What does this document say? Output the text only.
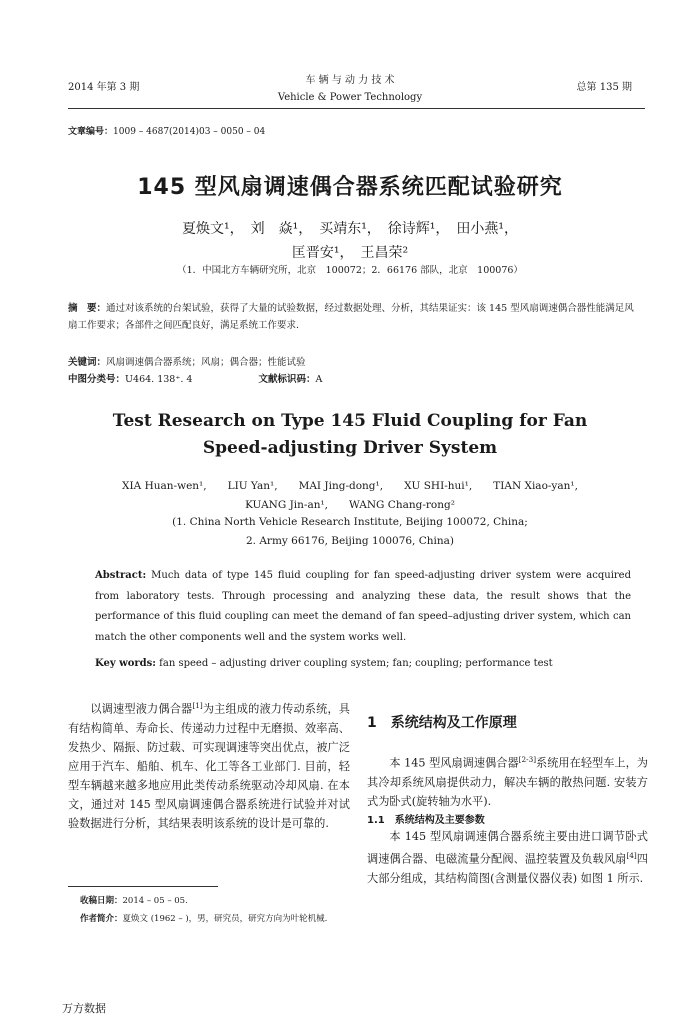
2014 年第 3 期
车 辆 与 动 力 技 术
Vehicle & Power Technology
总第 135 期
文章编号：1009 – 4687(2014)03 – 0050 – 04
145 型风扇调速偶合器系统匹配试验研究
夏焕文¹，　刘　焱¹，　买靖东¹，　徐诗辉¹，　田小燕¹，
匡晋安¹，　王昌荣²
（1．中国北方车辆研究所，北京　100072；2．66176 部队，北京　100076）
摘　要：通过对该系统的台架试验，获得了大量的试验数据，经过数据处理、分析，其结果证实：该 145 型风扇调速偶合器性能满足风扇工作要求；各部件之间匹配良好，满足系统工作要求.
关键词：风扇调速偶合器系统；风扇；偶合器；性能试验
中图分类号：U464. 138⁺. 4	文献标识码：A
Test Research on Type 145 Fluid Coupling for Fan
Speed-adjusting Driver System
XIA Huan-wen¹,　　LIU Yan¹,　　MAI Jing-dong¹,　　XU SHI-hui¹,　　TIAN Xiao-yan¹,
KUANG Jin-an¹,　　WANG Chang-rong²
(1. China North Vehicle Research Institute, Beijing 100072, China;
2. Army 66176, Beijing 100076, China)
Abstract: Much data of type 145 fluid coupling for fan speed-adjusting driver system were acquired from laboratory tests. Through processing and analyzing these data, the result shows that the performance of this fluid coupling can meet the demand of fan speed–adjusting driver system, which can match the other components well and the system works well.
Key words: fan speed – adjusting driver coupling system; fan; coupling; performance test

以调速型液力偶合器[1]为主组成的液力传动系统，具有结构简单、寿命长、传递动力过程中无磨损、效率高、发热少、隔振、防过载、可实现调速等突出优点，被广泛应用于汽车、船舶、机车、化工等各工业部门. 目前，轻型车辆越来越多地应用此类传动系统驱动冷却风扇. 在本文，通过对 145 型风扇调速偶合器系统进行试验并对试验数据进行分析，其结果表明该系统的设计是可靠的.

1　系统结构及工作原理

本 145 型风扇调速偶合器[2-3]系统用在轻型车上，为其冷却系统风扇提供动力，解决车辆的散热问题. 安装方式为卧式(旋转轴为水平).

1.1　系统结构及主要参数

本 145 型风扇调速偶合器系统主要由进口调节卧式调速偶合器、电磁流量分配阀、温控装置及负载风扇[4]四大部分组成，其结构简图(含测量仪器仪表) 如图 1 所示.

收稿日期：2014 – 05 – 05.
作者简介：夏焕文 (1962 – )，男，研究员，研究方向为叶轮机械.
万方数据
